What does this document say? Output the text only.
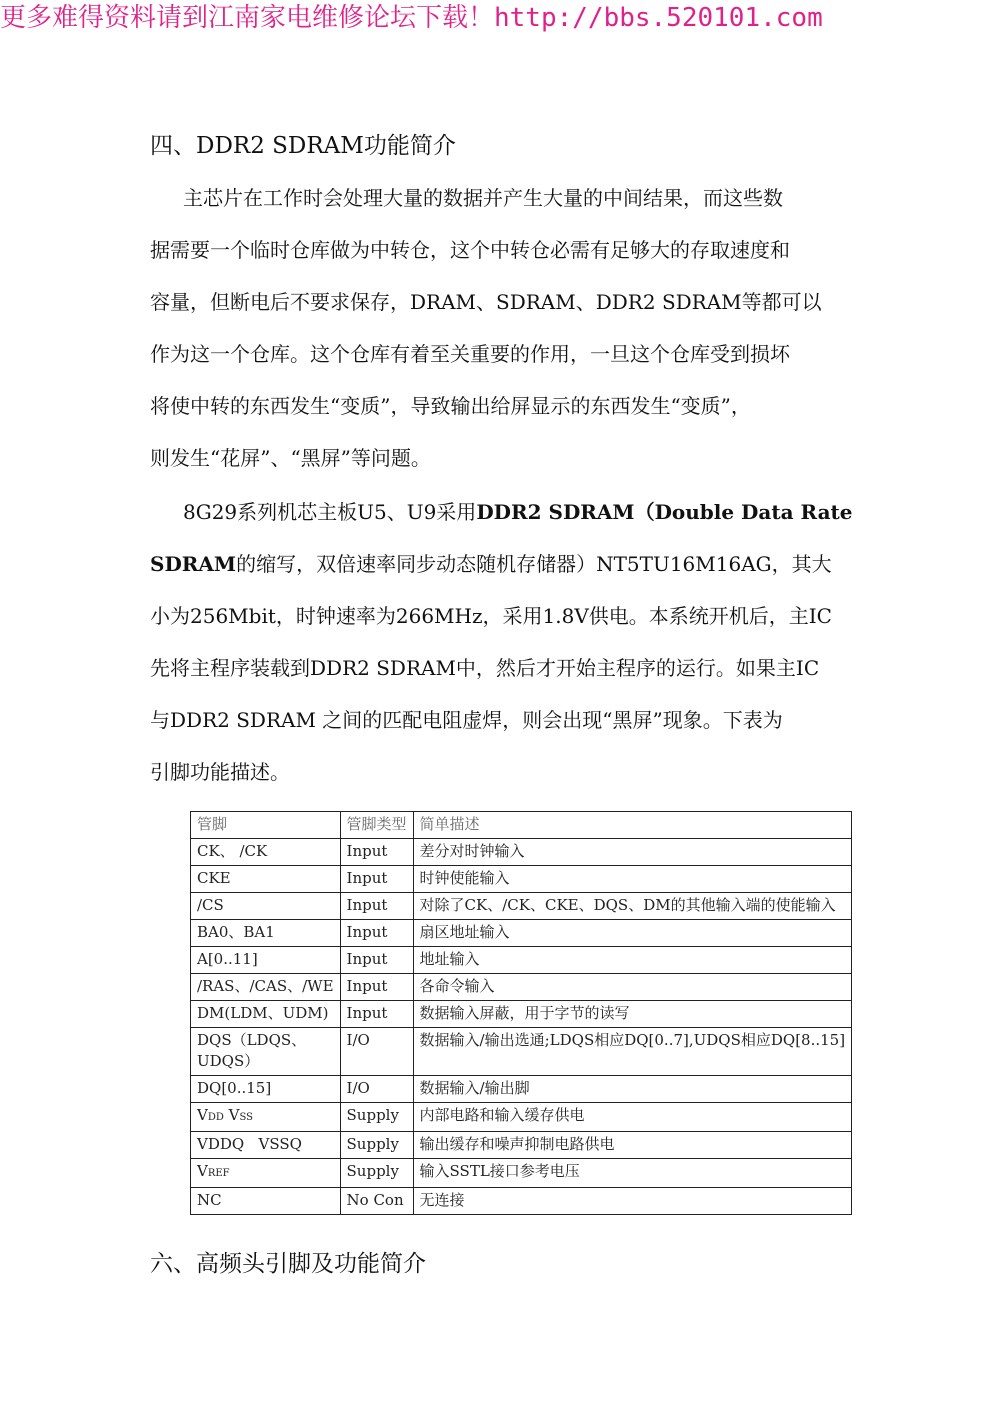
更多难得资料请到江南家电维修论坛下载！http://bbs.520101.com
四、DDR2 SDRAM功能简介
主芯片在工作时会处理大量的数据并产生大量的中间结果，而这些数
据需要一个临时仓库做为中转仓，这个中转仓必需有足够大的存取速度和
容量，但断电后不要求保存，DRAM、SDRAM、DDR2 SDRAM等都可以
作为这一个仓库。这个仓库有着至关重要的作用，一旦这个仓库受到损坏
将使中转的东西发生“变质”，导致输出给屏显示的东西发生“变质”，
则发生“花屏”、“黑屏”等问题。
8G29系列机芯主板U5、U9采用DDR2 SDRAM（Double Data Rate
SDRAM的缩写，双倍速率同步动态随机存储器）NT5TU16M16AG，其大
小为256Mbit，时钟速率为266MHz，采用1.8V供电。本系统开机后，主IC
先将主程序装载到DDR2 SDRAM中，然后才开始主程序的运行。如果主IC
与DDR2 SDRAM 之间的匹配电阻虚焊，则会出现“黑屏”现象。下表为
引脚功能描述。
管脚	管脚类型	简单描述
CK、 /CK	Input	差分对时钟输入
CKE	Input	时钟使能输入
/CS	Input	对除了CK、/CK、CKE、DQS、DM的其他输入端的使能输入
BA0、BA1	Input	扇区地址输入
A[0..11]	Input	地址输入
/RAS、/CAS、/WE	Input	各命令输入
DM(LDM、UDM)	Input	数据输入屏蔽，用于字节的读写
DQS（LDQS、
UDQS）	I/O	数据输入/输出选通;LDQS相应DQ[0..7],UDQS相应DQ[8..15]
DQ[0..15]	I/O	数据输入/输出脚
VDD VSS	Supply	内部电路和输入缓存供电
VDDQ   VSSQ	Supply	输出缓存和噪声抑制电路供电
VREF	Supply	输入SSTL接口参考电压
NC	No Con	无连接
六、高频头引脚及功能简介
